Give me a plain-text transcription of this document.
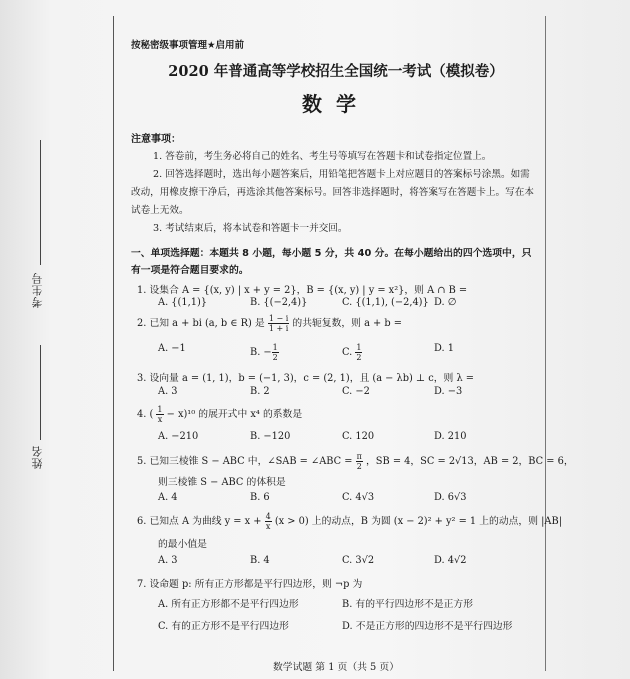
考生号
姓名
按秘密级事项管理★启用前
2020 年普通高等学校招生全国统一考试（模拟卷）
数学
注意事项：
1. 答卷前，考生务必将自己的姓名、考生号等填写在答题卡和试卷指定位置上。
2. 回答选择题时，选出每小题答案后，用铅笔把答题卡上对应题目的答案标号涂黑。如需改动，用橡皮擦干净后，再选涂其他答案标号。回答非选择题时，将答案写在答题卡上。写在本试卷上无效。
3. 考试结束后，将本试卷和答题卡一并交回。
一、单项选择题：本题共 8 小题，每小题 5 分，共 40 分。在每小题给出的四个选项中，只有一项是符合题目要求的。
1. 设集合 A = {(x, y) | x + y = 2}，B = {(x, y) | y = x²}，则 A ∩ B =
A. {(1,1)}	B. {(−2,4)}	C. {(1,1), (−2,4)} D. ∅
2. 已知 a + bi (a, b ∈ R) 是 $\frac{1 - i}{1 + i}$ 的共轭复数，则 a + b =
A. −1	B. − $\frac{1}{2}$	C. $\frac{1}{2}$	D. 1
3. 设向量 a = (1, 1)，b = (−1, 3)，c = (2, 1)，且 (a − λb) ⊥ c，则 λ =
A. 3	B. 2	C. −2	D. −3
4. ( $\frac{1}{x} - x)^{10}$ 的展开式中 x⁴ 的系数是
A. −210	B. −120	C. 120	D. 210
5. 已知三棱锥 S − ABC 中，∠SAB = ∠ABC = $\frac{\pi}{2}$ ，SB = 4，SC = 2√13，AB = 2，BC = 6，
则三棱锥 S − ABC 的体积是
A. 4	B. 6	C. 4√3	D. 6√3
6. 已知点 A 为曲线 $y = x + \frac{4}{x} (x > 0)$ 上的动点，B 为圆 (x − 2)² + y² = 1 上的动点，则 |AB|
的最小值是
A. 3	B. 4	C. 3√2	D. 4√2
7. 设命题 p: 所有正方形都是平行四边形，则 ¬p 为
A. 所有正方形都不是平行四边形	B. 有的平行四边形不是正方形
C. 有的正方形不是平行四边形	D. 不是正方形的四边形不是平行四边形
数学试题 第 1 页（共 5 页）
